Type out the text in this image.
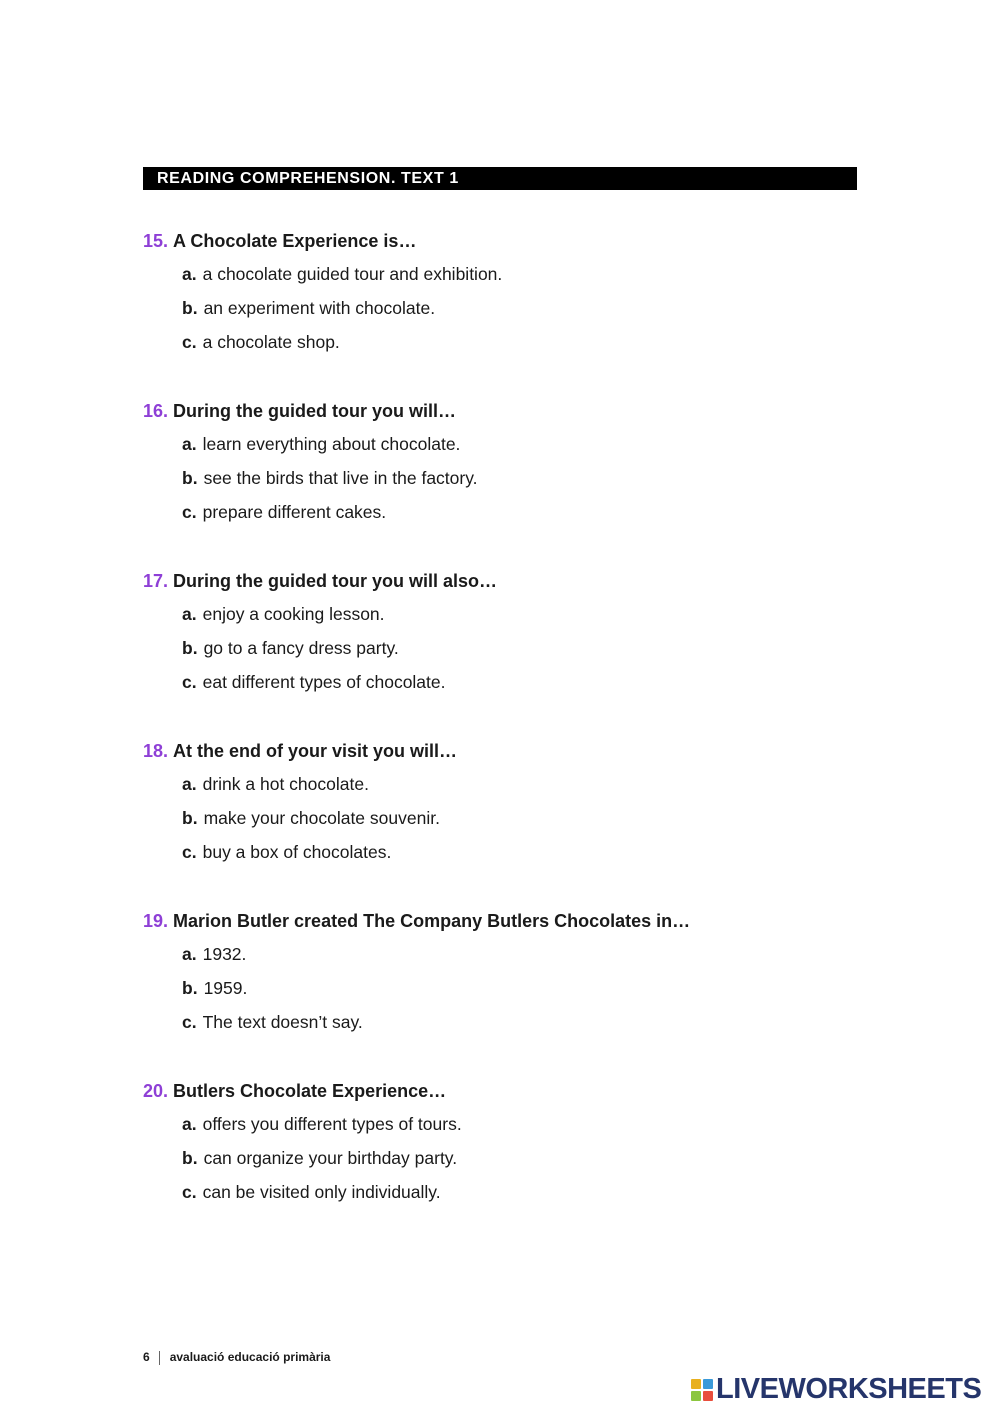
READING COMPREHENSION. TEXT 1
15. A Chocolate Experience is…
a. a chocolate guided tour and exhibition.
b. an experiment with chocolate.
c. a chocolate shop.
16. During the guided tour you will…
a. learn everything about chocolate.
b. see the birds that live in the factory.
c. prepare different cakes.
17. During the guided tour you will also…
a. enjoy a cooking lesson.
b. go to a fancy dress party.
c. eat different types of chocolate.
18. At the end of your visit you will…
a. drink a hot chocolate.
b. make your chocolate souvenir.
c. buy a box of chocolates.
19. Marion Butler created The Company Butlers Chocolates in…
a. 1932.
b. 1959.
c. The text doesn’t say.
20. Butlers Chocolate Experience…
a. offers you different types of tours.
b. can organize your birthday party.
c. can be visited only individually.
6 avaluació educació primària
LIVEWORKSHEETS
